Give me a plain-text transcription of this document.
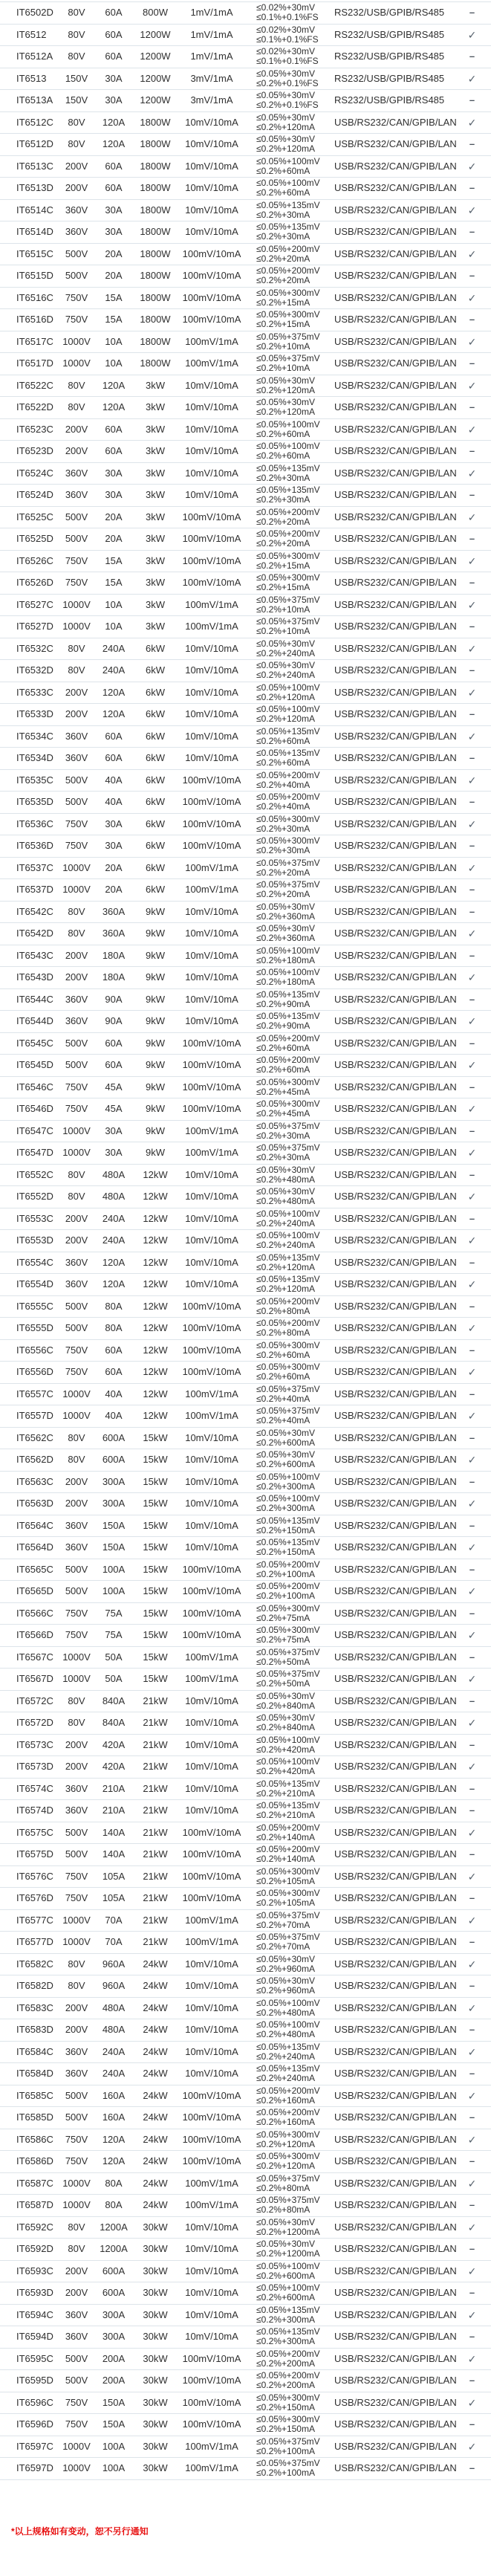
IT6502D	80V	60A	800W	1mV/1mA	≤0.02%+30mV
≤0.1%+0.1%FS	RS232/USB/GPIB/RS485	–
IT6512	80V	60A	1200W	1mV/1mA	≤0.02%+30mV
≤0.1%+0.1%FS	RS232/USB/GPIB/RS485	✓
IT6512A	80V	60A	1200W	1mV/1mA	≤0.02%+30mV
≤0.1%+0.1%FS	RS232/USB/GPIB/RS485	–
IT6513	150V	30A	1200W	3mV/1mA	≤0.05%+30mV
≤0.2%+0.1%FS	RS232/USB/GPIB/RS485	✓
IT6513A	150V	30A	1200W	3mV/1mA	≤0.05%+30mV
≤0.2%+0.1%FS	RS232/USB/GPIB/RS485	–
IT6512C	80V	120A	1800W	10mV/10mA	≤0.05%+30mV
≤0.2%+120mA	USB/RS232/CAN/GPIB/LAN	✓
IT6512D	80V	120A	1800W	10mV/10mA	≤0.05%+30mV
≤0.2%+120mA	USB/RS232/CAN/GPIB/LAN	–
IT6513C	200V	60A	1800W	10mV/10mA	≤0.05%+100mV
≤0.2%+60mA	USB/RS232/CAN/GPIB/LAN	✓
IT6513D	200V	60A	1800W	10mV/10mA	≤0.05%+100mV
≤0.2%+60mA	USB/RS232/CAN/GPIB/LAN	–
IT6514C	360V	30A	1800W	10mV/10mA	≤0.05%+135mV
≤0.2%+30mA	USB/RS232/CAN/GPIB/LAN	✓
IT6514D	360V	30A	1800W	10mV/10mA	≤0.05%+135mV
≤0.2%+30mA	USB/RS232/CAN/GPIB/LAN	–
IT6515C	500V	20A	1800W	100mV/10mA	≤0.05%+200mV
≤0.2%+20mA	USB/RS232/CAN/GPIB/LAN	✓
IT6515D	500V	20A	1800W	100mV/10mA	≤0.05%+200mV
≤0.2%+20mA	USB/RS232/CAN/GPIB/LAN	–
IT6516C	750V	15A	1800W	100mV/10mA	≤0.05%+300mV
≤0.2%+15mA	USB/RS232/CAN/GPIB/LAN	✓
IT6516D	750V	15A	1800W	100mV/10mA	≤0.05%+300mV
≤0.2%+15mA	USB/RS232/CAN/GPIB/LAN	–
IT6517C 1000V	10A	1800W	100mV/1mA	≤0.05%+375mV
≤0.2%+10mA	USB/RS232/CAN/GPIB/LAN	✓
IT6517D 1000V	10A	1800W	100mV/1mA	≤0.05%+375mV
≤0.2%+10mA	USB/RS232/CAN/GPIB/LAN	–
IT6522C	80V	120A	3kW	10mV/10mA	≤0.05%+30mV
≤0.2%+120mA	USB/RS232/CAN/GPIB/LAN	✓
IT6522D	80V	120A	3kW	10mV/10mA	≤0.05%+30mV
≤0.2%+120mA	USB/RS232/CAN/GPIB/LAN	–
IT6523C	200V	60A	3kW	10mV/10mA	≤0.05%+100mV
≤0.2%+60mA	USB/RS232/CAN/GPIB/LAN	✓
IT6523D	200V	60A	3kW	10mV/10mA	≤0.05%+100mV
≤0.2%+60mA	USB/RS232/CAN/GPIB/LAN	–
IT6524C	360V	30A	3kW	10mV/10mA	≤0.05%+135mV
≤0.2%+30mA	USB/RS232/CAN/GPIB/LAN	✓
IT6524D	360V	30A	3kW	10mV/10mA	≤0.05%+135mV
≤0.2%+30mA	USB/RS232/CAN/GPIB/LAN	–
IT6525C	500V	20A	3kW	100mV/10mA	≤0.05%+200mV
≤0.2%+20mA	USB/RS232/CAN/GPIB/LAN	✓
IT6525D	500V	20A	3kW	100mV/10mA	≤0.05%+200mV
≤0.2%+20mA	USB/RS232/CAN/GPIB/LAN	–
IT6526C	750V	15A	3kW	100mV/10mA	≤0.05%+300mV
≤0.2%+15mA	USB/RS232/CAN/GPIB/LAN	✓
IT6526D	750V	15A	3kW	100mV/10mA	≤0.05%+300mV
≤0.2%+15mA	USB/RS232/CAN/GPIB/LAN	–
IT6527C 1000V	10A	3kW	100mV/1mA	≤0.05%+375mV
≤0.2%+10mA	USB/RS232/CAN/GPIB/LAN	✓
IT6527D 1000V	10A	3kW	100mV/1mA	≤0.05%+375mV
≤0.2%+10mA	USB/RS232/CAN/GPIB/LAN	–
IT6532C	80V	240A	6kW	10mV/10mA	≤0.05%+30mV
≤0.2%+240mA	USB/RS232/CAN/GPIB/LAN	✓
IT6532D	80V	240A	6kW	10mV/10mA	≤0.05%+30mV
≤0.2%+240mA	USB/RS232/CAN/GPIB/LAN	–
IT6533C	200V	120A	6kW	10mV/10mA	≤0.05%+100mV
≤0.2%+120mA	USB/RS232/CAN/GPIB/LAN	✓
IT6533D	200V	120A	6kW	10mV/10mA	≤0.05%+100mV
≤0.2%+120mA	USB/RS232/CAN/GPIB/LAN	–
IT6534C	360V	60A	6kW	10mV/10mA	≤0.05%+135mV
≤0.2%+60mA	USB/RS232/CAN/GPIB/LAN	✓
IT6534D	360V	60A	6kW	10mV/10mA	≤0.05%+135mV
≤0.2%+60mA	USB/RS232/CAN/GPIB/LAN	–
IT6535C	500V	40A	6kW	100mV/10mA	≤0.05%+200mV
≤0.2%+40mA	USB/RS232/CAN/GPIB/LAN	✓
IT6535D	500V	40A	6kW	100mV/10mA	≤0.05%+200mV
≤0.2%+40mA	USB/RS232/CAN/GPIB/LAN	–
IT6536C	750V	30A	6kW	100mV/10mA	≤0.05%+300mV
≤0.2%+30mA	USB/RS232/CAN/GPIB/LAN	✓
IT6536D	750V	30A	6kW	100mV/10mA	≤0.05%+300mV
≤0.2%+30mA	USB/RS232/CAN/GPIB/LAN	–
IT6537C 1000V	20A	6kW	100mV/1mA	≤0.05%+375mV
≤0.2%+20mA	USB/RS232/CAN/GPIB/LAN	✓
IT6537D 1000V	20A	6kW	100mV/1mA	≤0.05%+375mV
≤0.2%+20mA	USB/RS232/CAN/GPIB/LAN	–
IT6542C	80V	360A	9kW	10mV/10mA	≤0.05%+30mV
≤0.2%+360mA	USB/RS232/CAN/GPIB/LAN	–
IT6542D	80V	360A	9kW	10mV/10mA	≤0.05%+30mV
≤0.2%+360mA	USB/RS232/CAN/GPIB/LAN	✓
IT6543C	200V	180A	9kW	10mV/10mA	≤0.05%+100mV
≤0.2%+180mA	USB/RS232/CAN/GPIB/LAN	–
IT6543D	200V	180A	9kW	10mV/10mA	≤0.05%+100mV
≤0.2%+180mA	USB/RS232/CAN/GPIB/LAN	✓
IT6544C	360V	90A	9kW	10mV/10mA	≤0.05%+135mV
≤0.2%+90mA	USB/RS232/CAN/GPIB/LAN	–
IT6544D	360V	90A	9kW	10mV/10mA	≤0.05%+135mV
≤0.2%+90mA	USB/RS232/CAN/GPIB/LAN	✓
IT6545C	500V	60A	9kW	100mV/10mA	≤0.05%+200mV
≤0.2%+60mA	USB/RS232/CAN/GPIB/LAN	–
IT6545D	500V	60A	9kW	100mV/10mA	≤0.05%+200mV
≤0.2%+60mA	USB/RS232/CAN/GPIB/LAN	✓
IT6546C	750V	45A	9kW	100mV/10mA	≤0.05%+300mV
≤0.2%+45mA	USB/RS232/CAN/GPIB/LAN	–
IT6546D	750V	45A	9kW	100mV/10mA	≤0.05%+300mV
≤0.2%+45mA	USB/RS232/CAN/GPIB/LAN	✓
IT6547C 1000V	30A	9kW	100mV/1mA	≤0.05%+375mV
≤0.2%+30mA	USB/RS232/CAN/GPIB/LAN	–
IT6547D 1000V	30A	9kW	100mV/1mA	≤0.05%+375mV
≤0.2%+30mA	USB/RS232/CAN/GPIB/LAN	✓
IT6552C	80V	480A	12kW	10mV/10mA	≤0.05%+30mV
≤0.2%+480mA	USB/RS232/CAN/GPIB/LAN	–
IT6552D	80V	480A	12kW	10mV/10mA	≤0.05%+30mV
≤0.2%+480mA	USB/RS232/CAN/GPIB/LAN	✓
IT6553C	200V	240A	12kW	10mV/10mA	≤0.05%+100mV
≤0.2%+240mA	USB/RS232/CAN/GPIB/LAN	–
IT6553D	200V	240A	12kW	10mV/10mA	≤0.05%+100mV
≤0.2%+240mA	USB/RS232/CAN/GPIB/LAN	✓
IT6554C	360V	120A	12kW	10mV/10mA	≤0.05%+135mV
≤0.2%+120mA	USB/RS232/CAN/GPIB/LAN	–
IT6554D	360V	120A	12kW	10mV/10mA	≤0.05%+135mV
≤0.2%+120mA	USB/RS232/CAN/GPIB/LAN	✓
IT6555C	500V	80A	12kW	100mV/10mA	≤0.05%+200mV
≤0.2%+80mA	USB/RS232/CAN/GPIB/LAN	–
IT6555D	500V	80A	12kW	100mV/10mA	≤0.05%+200mV
≤0.2%+80mA	USB/RS232/CAN/GPIB/LAN	✓
IT6556C	750V	60A	12kW	100mV/10mA	≤0.05%+300mV
≤0.2%+60mA	USB/RS232/CAN/GPIB/LAN	–
IT6556D	750V	60A	12kW	100mV/10mA	≤0.05%+300mV
≤0.2%+60mA	USB/RS232/CAN/GPIB/LAN	✓
IT6557C 1000V	40A	12kW	100mV/1mA	≤0.05%+375mV
≤0.2%+40mA	USB/RS232/CAN/GPIB/LAN	–
IT6557D 1000V	40A	12kW	100mV/1mA	≤0.05%+375mV
≤0.2%+40mA	USB/RS232/CAN/GPIB/LAN	✓
IT6562C	80V	600A	15kW	10mV/10mA	≤0.05%+30mV
≤0.2%+600mA	USB/RS232/CAN/GPIB/LAN	–
IT6562D	80V	600A	15kW	10mV/10mA	≤0.05%+30mV
≤0.2%+600mA	USB/RS232/CAN/GPIB/LAN	✓
IT6563C	200V	300A	15kW	10mV/10mA	≤0.05%+100mV
≤0.2%+300mA	USB/RS232/CAN/GPIB/LAN	–
IT6563D	200V	300A	15kW	10mV/10mA	≤0.05%+100mV
≤0.2%+300mA	USB/RS232/CAN/GPIB/LAN	✓
IT6564C	360V	150A	15kW	10mV/10mA	≤0.05%+135mV
≤0.2%+150mA	USB/RS232/CAN/GPIB/LAN	–
IT6564D	360V	150A	15kW	10mV/10mA	≤0.05%+135mV
≤0.2%+150mA	USB/RS232/CAN/GPIB/LAN	✓
IT6565C	500V	100A	15kW	100mV/10mA	≤0.05%+200mV
≤0.2%+100mA	USB/RS232/CAN/GPIB/LAN	–
IT6565D	500V	100A	15kW	100mV/10mA	≤0.05%+200mV
≤0.2%+100mA	USB/RS232/CAN/GPIB/LAN	✓
IT6566C	750V	75A	15kW	100mV/10mA	≤0.05%+300mV
≤0.2%+75mA	USB/RS232/CAN/GPIB/LAN	–
IT6566D	750V	75A	15kW	100mV/10mA	≤0.05%+300mV
≤0.2%+75mA	USB/RS232/CAN/GPIB/LAN	✓
IT6567C 1000V	50A	15kW	100mV/1mA	≤0.05%+375mV
≤0.2%+50mA	USB/RS232/CAN/GPIB/LAN	–
IT6567D 1000V	50A	15kW	100mV/1mA	≤0.05%+375mV
≤0.2%+50mA	USB/RS232/CAN/GPIB/LAN	✓
IT6572C	80V	840A	21kW	10mV/10mA	≤0.05%+30mV
≤0.2%+840mA	USB/RS232/CAN/GPIB/LAN	–
IT6572D	80V	840A	21kW	10mV/10mA	≤0.05%+30mV
≤0.2%+840mA	USB/RS232/CAN/GPIB/LAN	✓
IT6573C	200V	420A	21kW	10mV/10mA	≤0.05%+100mV
≤0.2%+420mA	USB/RS232/CAN/GPIB/LAN	–
IT6573D	200V	420A	21kW	10mV/10mA	≤0.05%+100mV
≤0.2%+420mA	USB/RS232/CAN/GPIB/LAN	✓
IT6574C	360V	210A	21kW	10mV/10mA	≤0.05%+135mV
≤0.2%+210mA	USB/RS232/CAN/GPIB/LAN	–
IT6574D	360V	210A	21kW	10mV/10mA	≤0.05%+135mV
≤0.2%+210mA	USB/RS232/CAN/GPIB/LAN	–
IT6575C	500V	140A	21kW	100mV/10mA	≤0.05%+200mV
≤0.2%+140mA	USB/RS232/CAN/GPIB/LAN	✓
IT6575D	500V	140A	21kW	100mV/10mA	≤0.05%+200mV
≤0.2%+140mA	USB/RS232/CAN/GPIB/LAN	–
IT6576C	750V	105A	21kW	100mV/10mA	≤0.05%+300mV
≤0.2%+105mA	USB/RS232/CAN/GPIB/LAN	✓
IT6576D	750V	105A	21kW	100mV/10mA	≤0.05%+300mV
≤0.2%+105mA	USB/RS232/CAN/GPIB/LAN	–
IT6577C 1000V	70A	21kW	100mV/1mA	≤0.05%+375mV
≤0.2%+70mA	USB/RS232/CAN/GPIB/LAN	✓
IT6577D 1000V	70A	21kW	100mV/1mA	≤0.05%+375mV
≤0.2%+70mA	USB/RS232/CAN/GPIB/LAN	–
IT6582C	80V	960A	24kW	10mV/10mA	≤0.05%+30mV
≤0.2%+960mA	USB/RS232/CAN/GPIB/LAN	✓
IT6582D	80V	960A	24kW	10mV/10mA	≤0.05%+30mV
≤0.2%+960mA	USB/RS232/CAN/GPIB/LAN	–
IT6583C	200V	480A	24kW	10mV/10mA	≤0.05%+100mV
≤0.2%+480mA	USB/RS232/CAN/GPIB/LAN	✓
IT6583D	200V	480A	24kW	10mV/10mA	≤0.05%+100mV
≤0.2%+480mA	USB/RS232/CAN/GPIB/LAN	–
IT6584C	360V	240A	24kW	10mV/10mA	≤0.05%+135mV
≤0.2%+240mA	USB/RS232/CAN/GPIB/LAN	✓
IT6584D	360V	240A	24kW	10mV/10mA	≤0.05%+135mV
≤0.2%+240mA	USB/RS232/CAN/GPIB/LAN	–
IT6585C	500V	160A	24kW	100mV/10mA	≤0.05%+200mV
≤0.2%+160mA	USB/RS232/CAN/GPIB/LAN	✓
IT6585D	500V	160A	24kW	100mV/10mA	≤0.05%+200mV
≤0.2%+160mA	USB/RS232/CAN/GPIB/LAN	–
IT6586C	750V	120A	24kW	100mV/10mA	≤0.05%+300mV
≤0.2%+120mA	USB/RS232/CAN/GPIB/LAN	✓
IT6586D	750V	120A	24kW	100mV/10mA	≤0.05%+300mV
≤0.2%+120mA	USB/RS232/CAN/GPIB/LAN	–
IT6587C 1000V	80A	24kW	100mV/1mA	≤0.05%+375mV
≤0.2%+80mA	USB/RS232/CAN/GPIB/LAN	✓
IT6587D 1000V	80A	24kW	100mV/1mA	≤0.05%+375mV
≤0.2%+80mA	USB/RS232/CAN/GPIB/LAN	–
IT6592C	80V	1200A	30kW	10mV/10mA	≤0.05%+30mV
≤0.2%+1200mA	USB/RS232/CAN/GPIB/LAN	✓
IT6592D	80V	1200A	30kW	10mV/10mA	≤0.05%+30mV
≤0.2%+1200mA	USB/RS232/CAN/GPIB/LAN	–
IT6593C	200V	600A	30kW	10mV/10mA	≤0.05%+100mV
≤0.2%+600mA	USB/RS232/CAN/GPIB/LAN	✓
IT6593D	200V	600A	30kW	10mV/10mA	≤0.05%+100mV
≤0.2%+600mA	USB/RS232/CAN/GPIB/LAN	–
IT6594C	360V	300A	30kW	10mV/10mA	≤0.05%+135mV
≤0.2%+300mA	USB/RS232/CAN/GPIB/LAN	✓
IT6594D	360V	300A	30kW	10mV/10mA	≤0.05%+135mV
≤0.2%+300mA	USB/RS232/CAN/GPIB/LAN	–
IT6595C	500V	200A	30kW	100mV/10mA	≤0.05%+200mV
≤0.2%+200mA	USB/RS232/CAN/GPIB/LAN	✓
IT6595D	500V	200A	30kW	100mV/10mA	≤0.05%+200mV
≤0.2%+200mA	USB/RS232/CAN/GPIB/LAN	–
IT6596C	750V	150A	30kW	100mV/10mA	≤0.05%+300mV
≤0.2%+150mA	USB/RS232/CAN/GPIB/LAN	✓
IT6596D	750V	150A	30kW	100mV/10mA	≤0.05%+300mV
≤0.2%+150mA	USB/RS232/CAN/GPIB/LAN	–
IT6597C 1000V	100A	30kW	100mV/1mA	≤0.05%+375mV
≤0.2%+100mA	USB/RS232/CAN/GPIB/LAN	✓
IT6597D 1000V	100A	30kW	100mV/1mA	≤0.05%+375mV
≤0.2%+100mA	USB/RS232/CAN/GPIB/LAN	–
*以上规格如有变动，恕不另行通知
